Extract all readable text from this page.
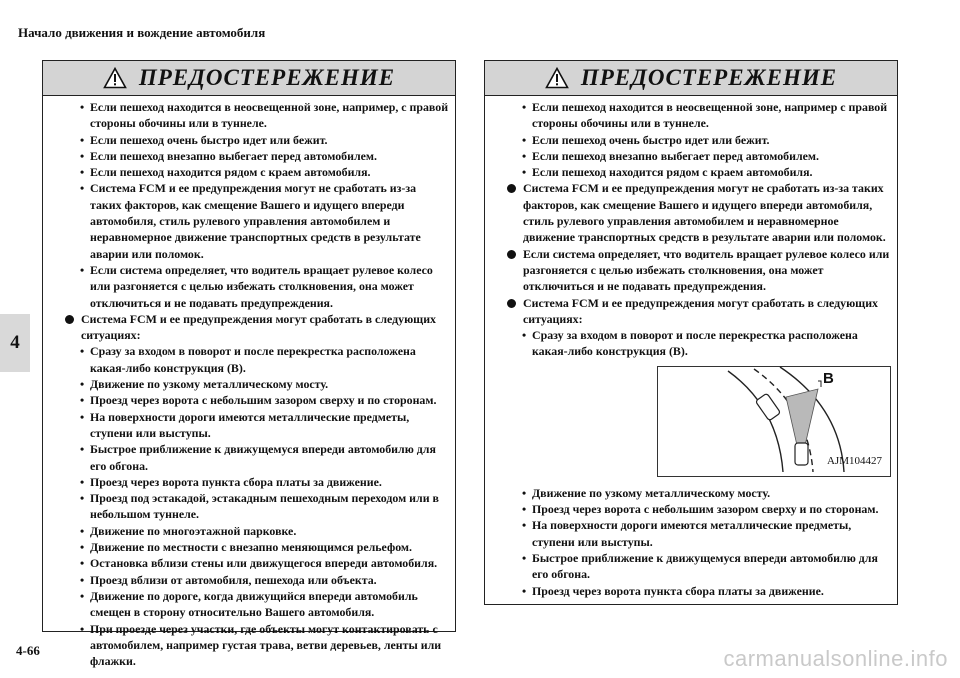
Начало движения и вождение автомобиля
4
ПРЕДОСТЕРЕЖЕНИЕ
• Если пешеход находится в неосвещенной зоне, например, с правой стороны обочины или в туннеле.
• Если пешеход очень быстро идет или бежит.
• Если пешеход внезапно выбегает перед автомобилем.
• Если пешеход находится рядом с краем автомобиля.
• Система FCM и ее предупреждения могут не сработать из-за таких факторов, как смещение Вашего и идущего впереди автомобиля, стиль рулевого управления автомобилем и неравномерное движение транспортных средств в результате аварии или поломок.
• Если система определяет, что водитель вращает рулевое колесо или разгоняется с целью избежать столкновения, она может отключиться и не подавать предупреждения.
Система FCM и ее предупреждения могут сработать в следующих ситуациях:
• Сразу за входом в поворот и после перекрестка расположена какая-либо конструкция (B).
• Движение по узкому металлическому мосту.
• Проезд через ворота с небольшим зазором сверху и по сторонам.
• На поверхности дороги имеются металлические предметы, ступени или выступы.
• Быстрое приближение к движущемуся впереди автомобилю для его обгона.
• Проезд через ворота пункта сбора платы за движение.
• Проезд под эстакадой, эстакадным пешеходным переходом или в небольшом туннеле.
• Движение по многоэтажной парковке.
• Движение по местности с внезапно меняющимся рельефом.
• Остановка вблизи стены или движущегося впереди автомобиля.
• Проезд вблизи от автомобиля, пешехода или объекта.
• Движение по дороге, когда движущийся впереди автомобиль смещен в сторону относительно Вашего автомобиля.
• При проезде через участки, где объекты могут контактировать с автомобилем, например густая трава, ветви деревьев, ленты или флажки.
ПРЕДОСТЕРЕЖЕНИЕ
• Если пешеход находится в неосвещенной зоне, например с правой стороны обочины или в туннеле.
• Если пешеход очень быстро идет или бежит.
• Если пешеход внезапно выбегает перед автомобилем.
• Если пешеход находится рядом с краем автомобиля.
Система FCM и ее предупреждения могут не сработать из-за таких факторов, как смещение Вашего и идущего впереди автомобиля, стиль рулевого управления автомобилем и неравномерное движение транспортных средств в результате аварии или поломок.
Если система определяет, что водитель вращает рулевое колесо или разгоняется с целью избежать столкновения, она может отключиться и не подавать предупреждения.
Система FCM и ее предупреждения могут сработать в следующих ситуациях:
• Сразу за входом в поворот и после перекрестка расположена какая-либо конструкция (B).
B
AJM104427
• Движение по узкому металлическому мосту.
• Проезд через ворота с небольшим зазором сверху и по сторонам.
• На поверхности дороги имеются металлические предметы, ступени или выступы.
• Быстрое приближение к движущемуся впереди автомобилю для его обгона.
• Проезд через ворота пункта сбора платы за движение.
4-66	carmanualsonline.info
